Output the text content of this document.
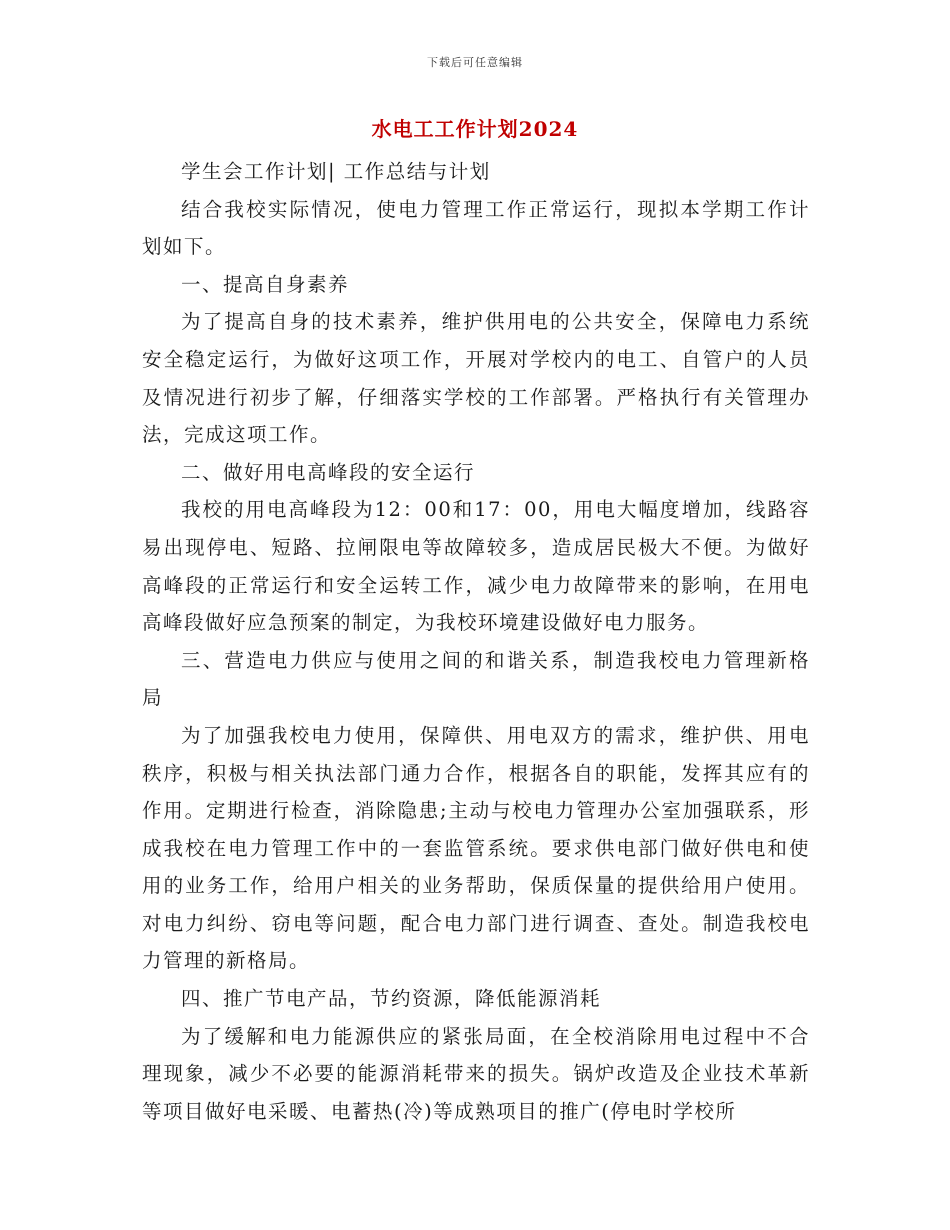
下载后可任意编辑
水电工工作计划2024

学生会工作计划| 工作总结与计划

结合我校实际情况，使电力管理工作正常运行，现拟本学期工作计划如下。

一、提高自身素养

为了提高自身的技术素养，维护供用电的公共安全，保障电力系统安全稳定运行，为做好这项工作，开展对学校内的电工、自管户的人员及情况进行初步了解，仔细落实学校的工作部署。严格执行有关管理办法，完成这项工作。

二、做好用电高峰段的安全运行

我校的用电高峰段为12：00和17：00，用电大幅度增加，线路容易出现停电、短路、拉闸限电等故障较多，造成居民极大不便。为做好高峰段的正常运行和安全运转工作，减少电力故障带来的影响，在用电高峰段做好应急预案的制定，为我校环境建设做好电力服务。

三、营造电力供应与使用之间的和谐关系，制造我校电力管理新格局

为了加强我校电力使用，保障供、用电双方的需求，维护供、用电秩序，积极与相关执法部门通力合作，根据各自的职能，发挥其应有的作用。定期进行检查，消除隐患;主动与校电力管理办公室加强联系，形成我校在电力管理工作中的一套监管系统。要求供电部门做好供电和使用的业务工作，给用户相关的业务帮助，保质保量的提供给用户使用。对电力纠纷、窃电等问题，配合电力部门进行调查、查处。制造我校电力管理的新格局。

四、推广节电产品，节约资源，降低能源消耗

为了缓解和电力能源供应的紧张局面，在全校消除用电过程中不合理现象，减少不必要的能源消耗带来的损失。锅炉改造及企业技术革新等项目做好电采暖、电蓄热(冷)等成熟项目的推广(停电时学校所
